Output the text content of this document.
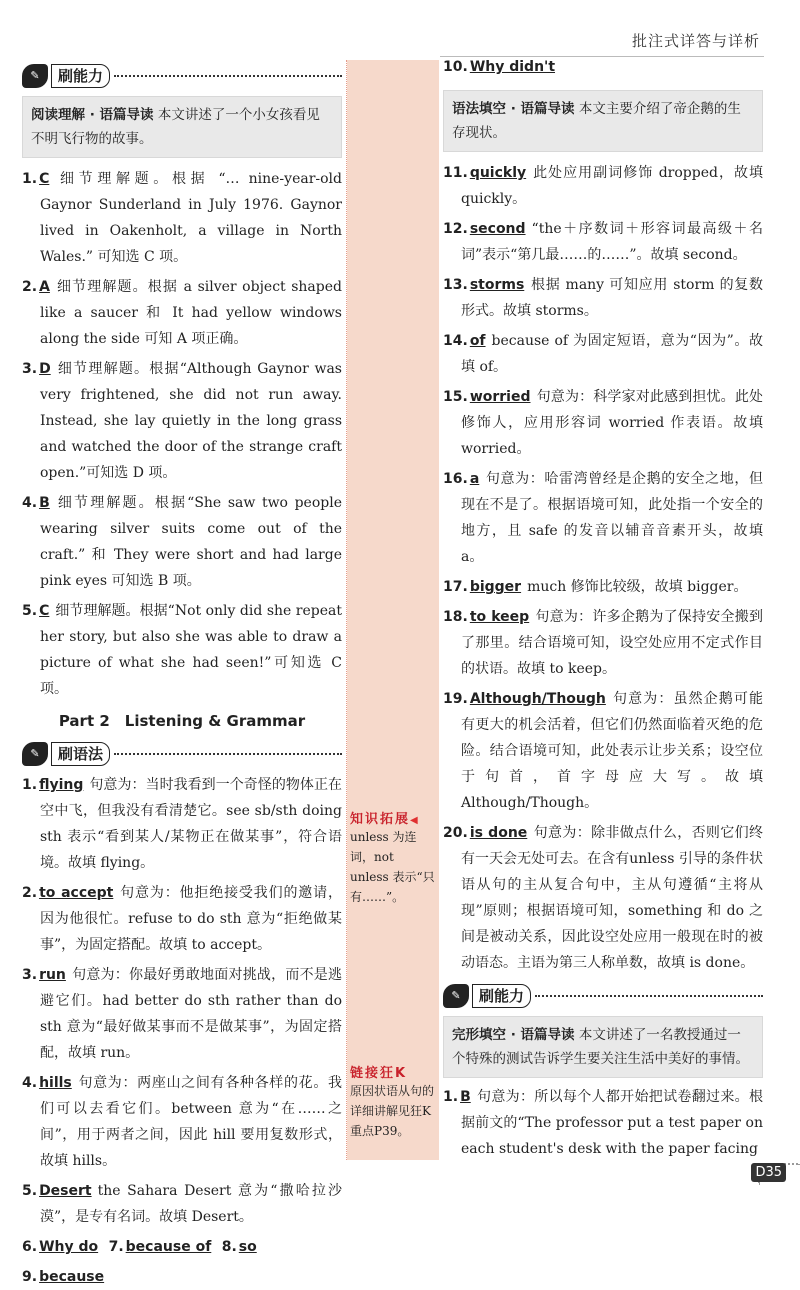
批注式详答与详析
✎	刷能力
阅读理解 · 语篇导读 本文讲述了一个小女孩看见不明飞行物的故事。
1. C 细节理解题。根据 “… nine-year-old Gaynor Sunderland in July 1976. Gaynor lived in Oakenholt, a village in North Wales.” 可知选 C 项。
2. A 细节理解题。根据 a silver object shaped like a saucer 和 It had yellow windows along the side 可知 A 项正确。
3. D 细节理解题。根据“Although Gaynor was very frightened, she did not run away. Instead, she lay quietly in the long grass and watched the door of the strange craft open.”可知选 D 项。
4. B 细节理解题。根据“She saw two people wearing silver suits come out of the craft.” 和 They were short and had large pink eyes 可知选 B 项。
5. C 细节理解题。根据“Not only did she repeat her story, but also she was able to draw a picture of what she had seen!”可知选 C 项。
Part 2　Listening & Grammar
✎	刷语法
1. flying 句意为：当时我看到一个奇怪的物体正在空中飞，但我没有看清楚它。see sb/sth doing sth 表示“看到某人/某物正在做某事”，符合语境。故填 flying。
2. to accept 句意为：他拒绝接受我们的邀请，因为他很忙。refuse to do sth 意为“拒绝做某事”，为固定搭配。故填 to accept。
3. run 句意为：你最好勇敢地面对挑战，而不是逃避它们。had better do sth rather than do sth 意为“最好做某事而不是做某事”，为固定搭配，故填 run。
4. hills 句意为：两座山之间有各种各样的花。我们可以去看它们。between 意为“在……之间”，用于两者之间，因此 hill 要用复数形式，故填 hills。
5. Desert the Sahara Desert 意为“撒哈拉沙漠”，是专有名词。故填 Desert。
6. Why do 7. because of 8. so
9. because
知识拓展◀
unless 为连词，not unless 表示“只有……”。
链接狂K
原因状语从句的详细讲解见狂K重点P39。
10. Why didn't
语法填空 · 语篇导读 本文主要介绍了帝企鹅的生存现状。
11. quickly 此处应用副词修饰 dropped，故填 quickly。
12. second “the＋序数词＋形容词最高级＋名词”表示“第几最……的……”。故填 second。
13. storms 根据 many 可知应用 storm 的复数形式。故填 storms。
14. of because of 为固定短语，意为“因为”。故填 of。
15. worried 句意为：科学家对此感到担忧。此处修饰人，应用形容词 worried 作表语。故填 worried。
16. a 句意为：哈雷湾曾经是企鹅的安全之地，但现在不是了。根据语境可知，此处指一个安全的地方，且 safe 的发音以辅音音素开头，故填 a。
17. bigger much 修饰比较级，故填 bigger。
18. to keep 句意为：许多企鹅为了保持安全搬到了那里。结合语境可知，设空处应用不定式作目的状语。故填 to keep。
19. Although/Though 句意为：虽然企鹅可能有更大的机会活着，但它们仍然面临着灭绝的危险。结合语境可知，此处表示让步关系；设空位于句首，首字母应大写。故填 Although/Though。
20. is done 句意为：除非做点什么，否则它们终有一天会无处可去。在含有unless 引导的条件状语从句的主从复合句中，主从句遵循“主将从现”原则；根据语境可知，something 和 do 之间是被动关系，因此设空处应用一般现在时的被动语态。主语为第三人称单数，故填 is done。
✎	刷能力
完形填空 · 语篇导读 本文讲述了一名教授通过一个特殊的测试告诉学生要关注生活中美好的事情。
1. B 句意为：所以每个人都开始把试卷翻过来。根据前文的“The professor put a test paper on each student's desk with the paper facing
D35
